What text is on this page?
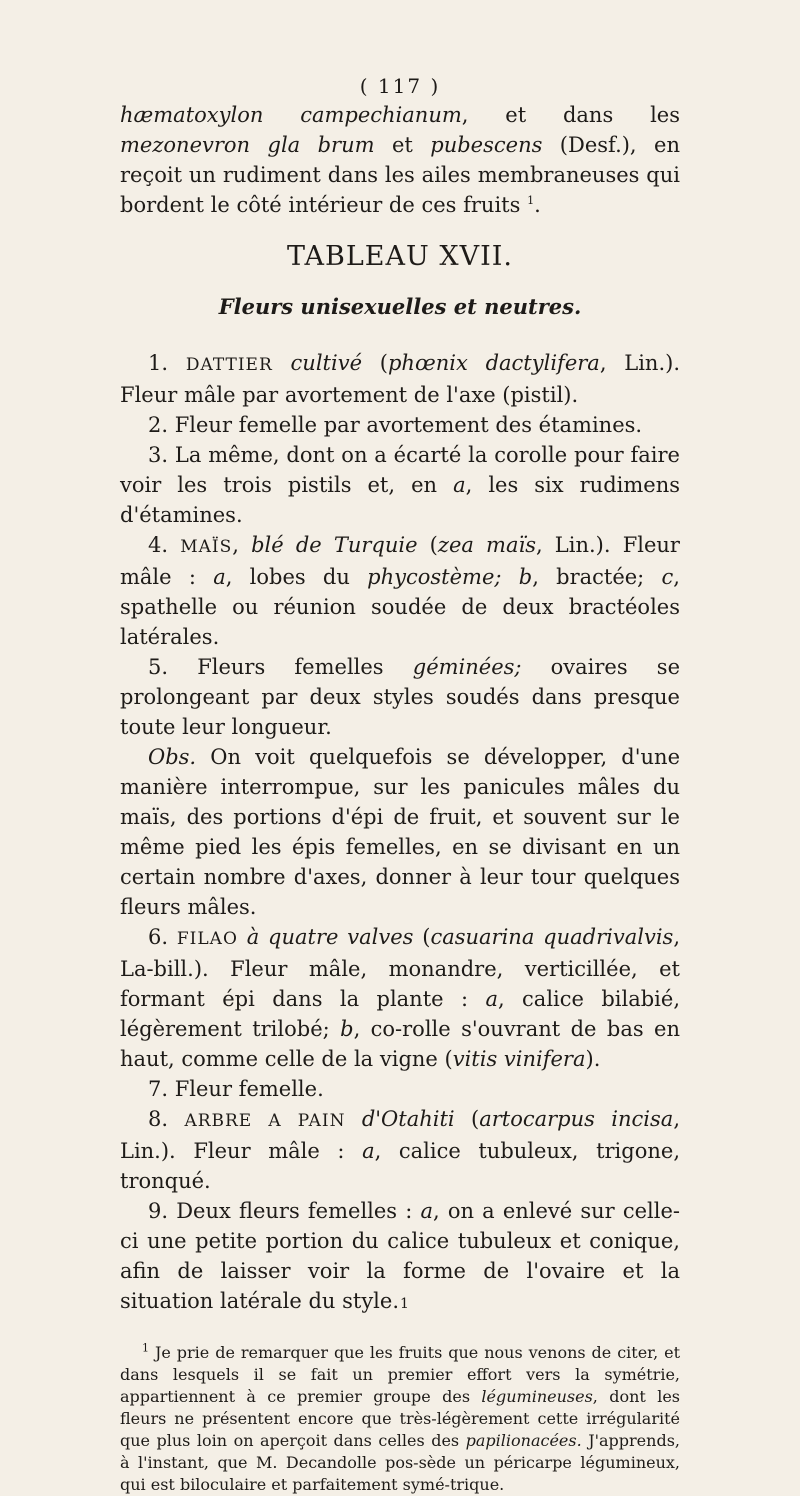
( 117 )

hæmatoxylon campechianum, et dans les mezonevron gla brum et pubescens (Desf.), en reçoit un rudiment dans les ailes membraneuses qui bordent le côté intérieur de ces fruits $^1$.

TABLEAU XVII.

Fleurs unisexuelles et neutres.

1. DATTIER cultivé (phœnix dactylifera, Lin.). Fleur mâle par avortement de l'axe (pistil).

2. Fleur femelle par avortement des étamines.

3. La même, dont on a écarté la corolle pour faire voir les trois pistils et, en a, les six rudimens d'étamines.

4. MAÏS, blé de Turquie (zea maïs, Lin.). Fleur mâle : a, lobes du phycostème; b, bractée; c, spathelle ou réunion soudée de deux bractéoles latérales.

5. Fleurs femelles géminées; ovaires se prolongeant par deux styles soudés dans presque toute leur longueur.

Obs. On voit quelquefois se développer, d'une manière interrompue, sur les panicules mâles du maïs, des portions d'épi de fruit, et souvent sur le même pied les épis femelles, en se divisant en un certain nombre d'axes, donner à leur tour quelques fleurs mâles.

6. FILAO à quatre valves (casuarina quadrivalvis, La-bill.). Fleur mâle, monandre, verticillée, et formant épi dans la plante : a, calice bilabié, légèrement trilobé; b, co-rolle s'ouvrant de bas en haut, comme celle de la vigne (vitis vinifera).

7. Fleur femelle.

8. ARBRE A PAIN d'Otahiti (artocarpus incisa, Lin.). Fleur mâle : a, calice tubuleux, trigone, tronqué.

9. Deux fleurs femelles : a, on a enlevé sur celle-ci une petite portion du calice tubuleux et conique, afin de laisser voir la forme de l'ovaire et la situation latérale du style.

$^1$ Je prie de remarquer que les fruits que nous venons de citer, et dans lesquels il se fait un premier effort vers la symétrie, appartiennent à ce premier groupe des légumineuses, dont les fleurs ne présentent encore que très-légèrement cette irrégularité que plus loin on aperçoit dans celles des papilionacées. J'apprends, à l'instant, que M. Decandolle pos-sède un péricarpe légumineux, qui est biloculaire et parfaitement symé-trique.

1
